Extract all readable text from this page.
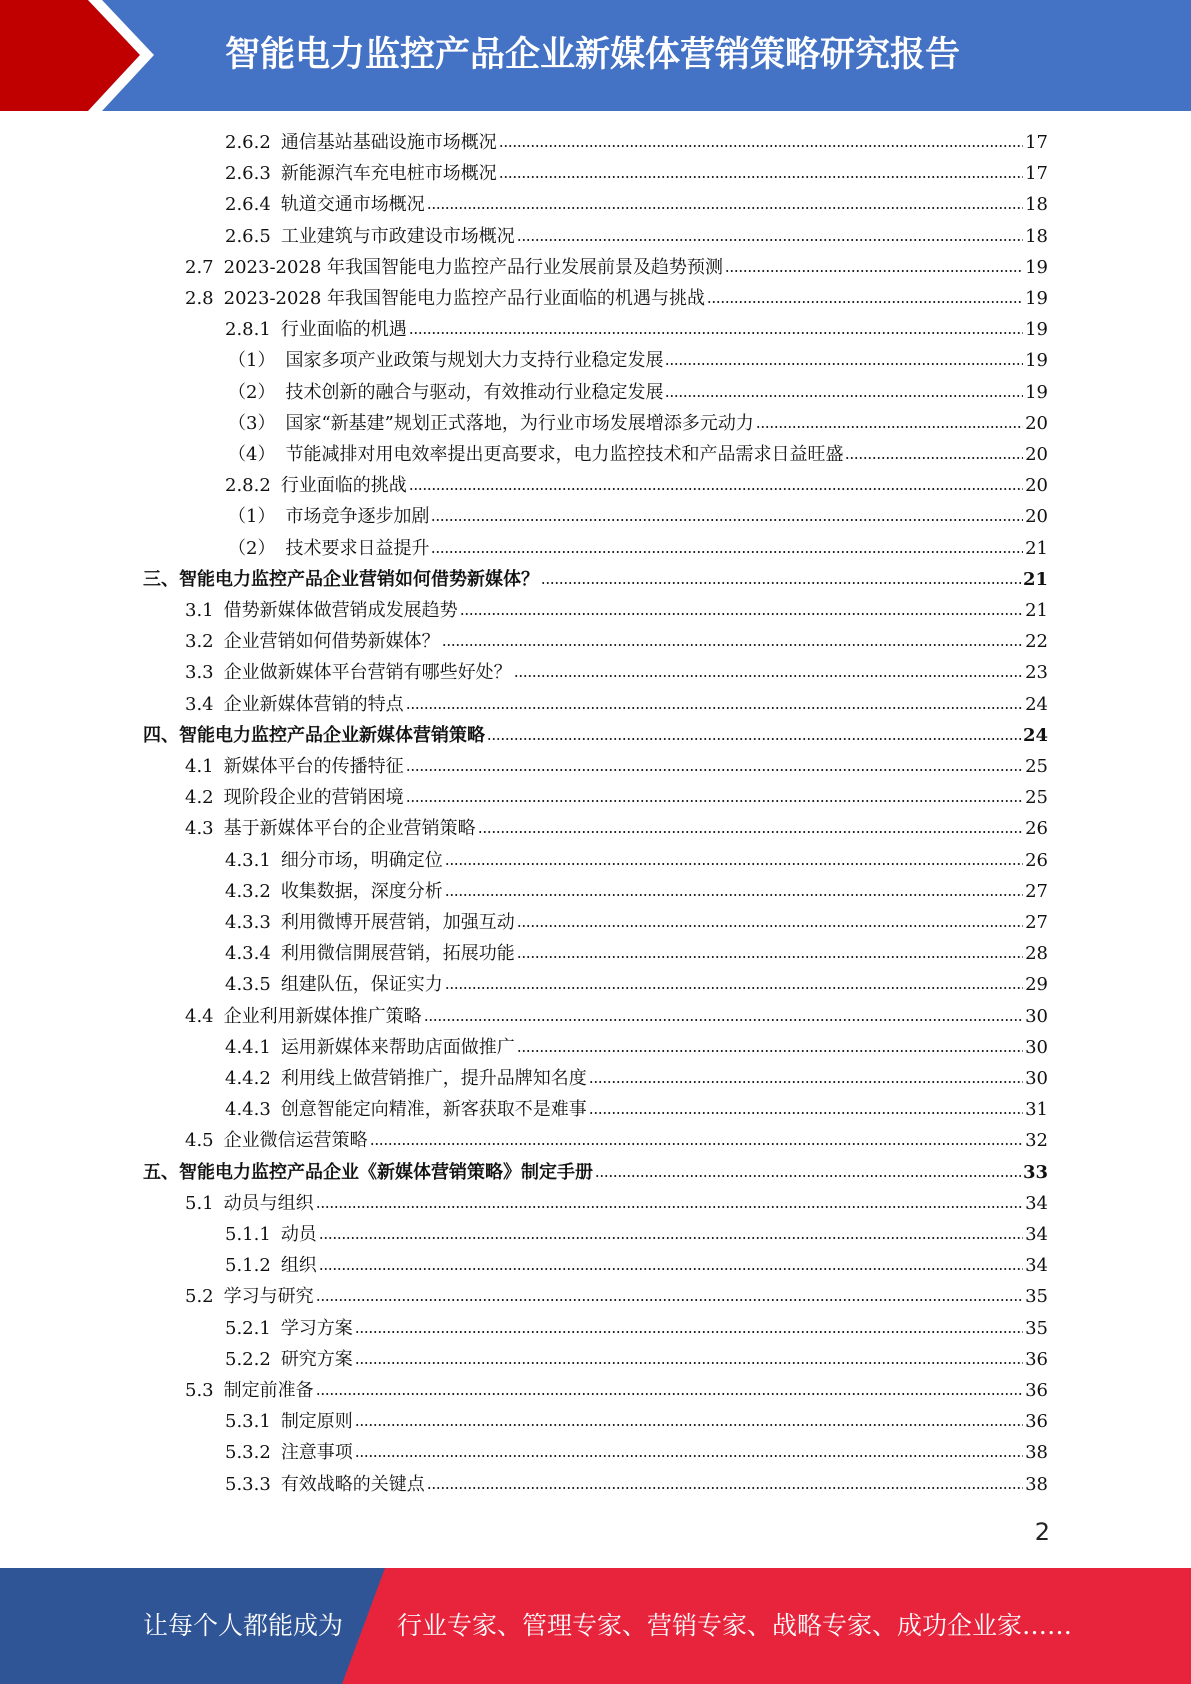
智能电力监控产品企业新媒体营销策略研究报告
2.6.2 通信基站基础设施市场概况	17
2.6.3 新能源汽车充电桩市场概况	17
2.6.4 轨道交通市场概况	18
2.6.5 工业建筑与市政建设市场概况	18
2.7 2023-2028 年我国智能电力监控产品行业发展前景及趋势预测	19
2.8 2023-2028 年我国智能电力监控产品行业面临的机遇与挑战	19
2.8.1 行业面临的机遇	19
（1） 国家多项产业政策与规划大力支持行业稳定发展	19
（2） 技术创新的融合与驱动，有效推动行业稳定发展	19
（3） 国家“新基建”规划正式落地，为行业市场发展增添多元动力	20
（4） 节能减排对用电效率提出更高要求，电力监控技术和产品需求日益旺盛	20
2.8.2 行业面临的挑战	20
（1） 市场竞争逐步加剧	20
（2） 技术要求日益提升	21
三、 智能电力监控产品企业营销如何借势新媒体？	21
3.1 借势新媒体做营销成发展趋势	21
3.2 企业营销如何借势新媒体？	22
3.3 企业做新媒体平台营销有哪些好处？	23
3.4 企业新媒体营销的特点	24
四、 智能电力监控产品企业新媒体营销策略	24
4.1 新媒体平台的传播特征	25
4.2 现阶段企业的营销困境	25
4.3 基于新媒体平台的企业营销策略	26
4.3.1 细分市场，明确定位	26
4.3.2 收集数据，深度分析	27
4.3.3 利用微博开展营销，加强互动	27
4.3.4 利用微信開展营销，拓展功能	28
4.3.5 组建队伍，保证实力	29
4.4 企业利用新媒体推广策略	30
4.4.1 运用新媒体来帮助店面做推广	30
4.4.2 利用线上做营销推广，提升品牌知名度	30
4.4.3 创意智能定向精准，新客获取不是难事	31
4.5 企业微信运营策略	32
五、 智能电力监控产品企业《新媒体营销策略》制定手册	33
5.1 动员与组织	34
5.1.1 动员	34
5.1.2 组织	34
5.2 学习与研究	35
5.2.1 学习方案	35
5.2.2 研究方案	36
5.3 制定前准备	36
5.3.1 制定原则	36
5.3.2 注意事项	38
5.3.3 有效战略的关键点	38
2
让每个人都能成为 行业专家、管理专家、营销专家、战略专家、成功企业家……
